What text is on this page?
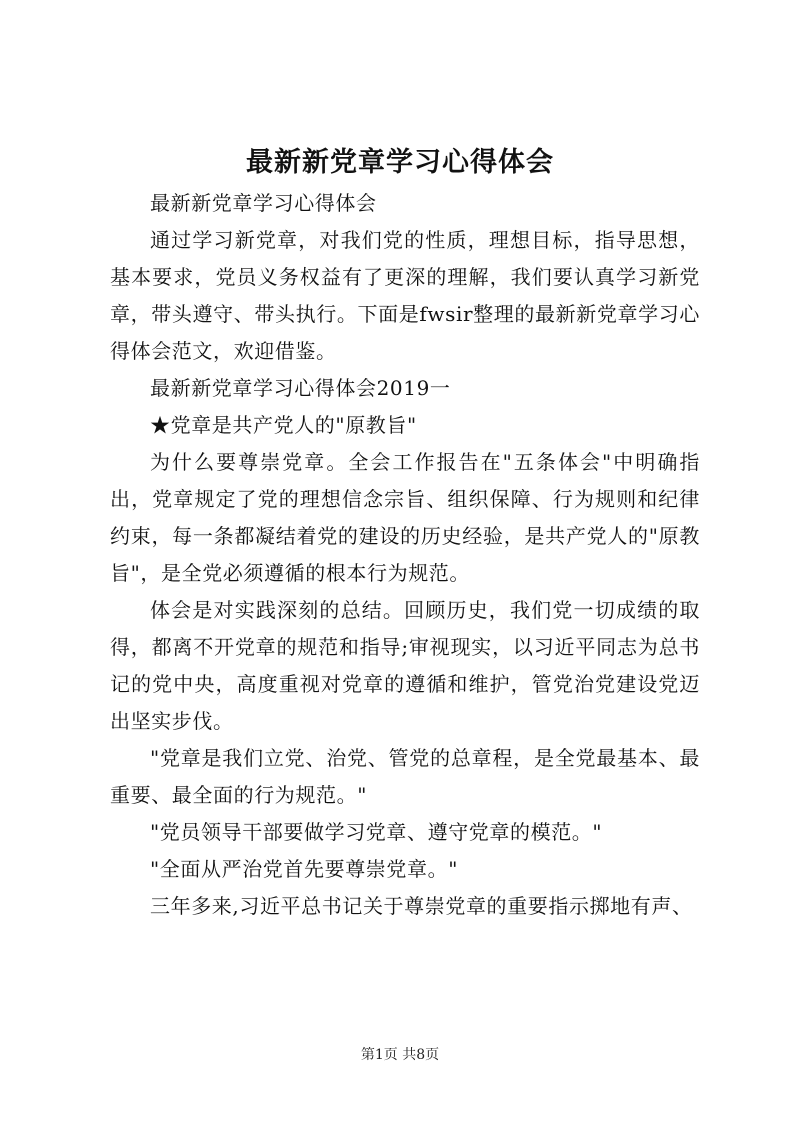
最新新党章学习心得体会

最新新党章学习心得体会

通过学习新党章，对我们党的性质，理想目标，指导思想，基本要求，党员义务权益有了更深的理解，我们要认真学习新党章，带头遵守、带头执行。下面是fwsir整理的最新新党章学习心得体会范文，欢迎借鉴。

最新新党章学习心得体会2019一

★党章是共产党人的"原教旨"

为什么要尊崇党章。全会工作报告在"五条体会"中明确指出，党章规定了党的理想信念宗旨、组织保障、行为规则和纪律约束，每一条都凝结着党的建设的历史经验，是共产党人的"原教旨"，是全党必须遵循的根本行为规范。

体会是对实践深刻的总结。回顾历史，我们党一切成绩的取得，都离不开党章的规范和指导;审视现实，以习近平同志为总书记的党中央，高度重视对党章的遵循和维护，管党治党建设党迈出坚实步伐。

"党章是我们立党、治党、管党的总章程，是全党最基本、最重要、最全面的行为规范。"

"党员领导干部要做学习党章、遵守党章的模范。"

"全面从严治党首先要尊崇党章。"

三年多来,习近平总书记关于尊崇党章的重要指示掷地有声、

第1页 共8页
